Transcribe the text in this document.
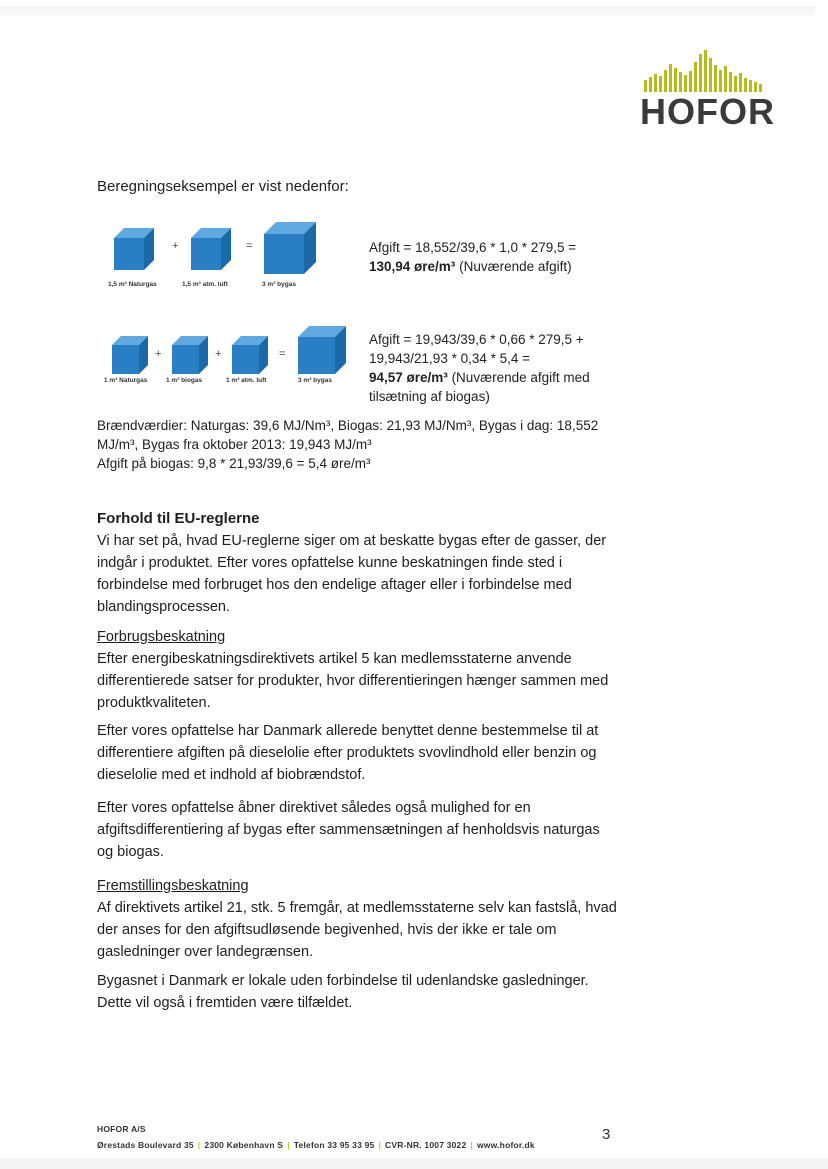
HOFOR

Beregningseksempel er vist nedenfor:

+	=
1,5 m³ Naturgas	1,5 m³ atm. luft	3 m³ bygas
Afgift = 18,552/39,6 * 1,0 * 279,5 =
130,94 øre/m³ (Nuværende afgift)
+	+	=
1 m³ Naturgas	1 m³ biogas	1 m³ atm. luft	3 m³ bygas
Afgift = 19,943/39,6 * 0,66 * 279,5 +
19,943/21,93 * 0,34 * 5,4 =
94,57 øre/m³ (Nuværende afgift med
tilsætning af biogas)
Brændværdier: Naturgas: 39,6 MJ/Nm³, Biogas: 21,93 MJ/Nm³, Bygas i dag: 18,552
MJ/m³, Bygas fra oktober 2013: 19,943 MJ/m³
Afgift på biogas: 9,8 * 21,93/39,6 = 5,4 øre/m³
Forhold til EU-reglerne
Vi har set på, hvad EU-reglerne siger om at beskatte bygas efter de gasser, der indgår i produktet. Efter vores opfattelse kunne beskatningen finde sted i forbindelse med forbruget hos den endelige aftager eller i forbindelse med blandingsprocessen.
Forbrugsbeskatning
Efter energibeskatningsdirektivets artikel 5 kan medlemsstaterne anvende differentierede satser for produkter, hvor differentieringen hænger sammen med produktkvaliteten.
Efter vores opfattelse har Danmark allerede benyttet denne bestemmelse til at differentiere afgiften på dieselolie efter produktets svovlindhold eller benzin og dieselolie med et indhold af biobrændstof.
Efter vores opfattelse åbner direktivet således også mulighed for en afgiftsdifferentiering af bygas efter sammensætningen af henholdsvis naturgas og biogas.
Fremstillingsbeskatning
Af direktivets artikel 21, stk. 5 fremgår, at medlemsstaterne selv kan fastslå, hvad der anses for den afgiftsudløsende begivenhed, hvis der ikke er tale om gasledninger over landegrænsen.
Bygasnet i Danmark er lokale uden forbindelse til udenlandske gasledninger. Dette vil også i fremtiden være tilfældet.
HOFOR A/S
Ørestads Boulevard 35 | 2300 København S | Telefon 33 95 33 95 | CVR-NR. 1007 3022 | www.hofor.dk
3
